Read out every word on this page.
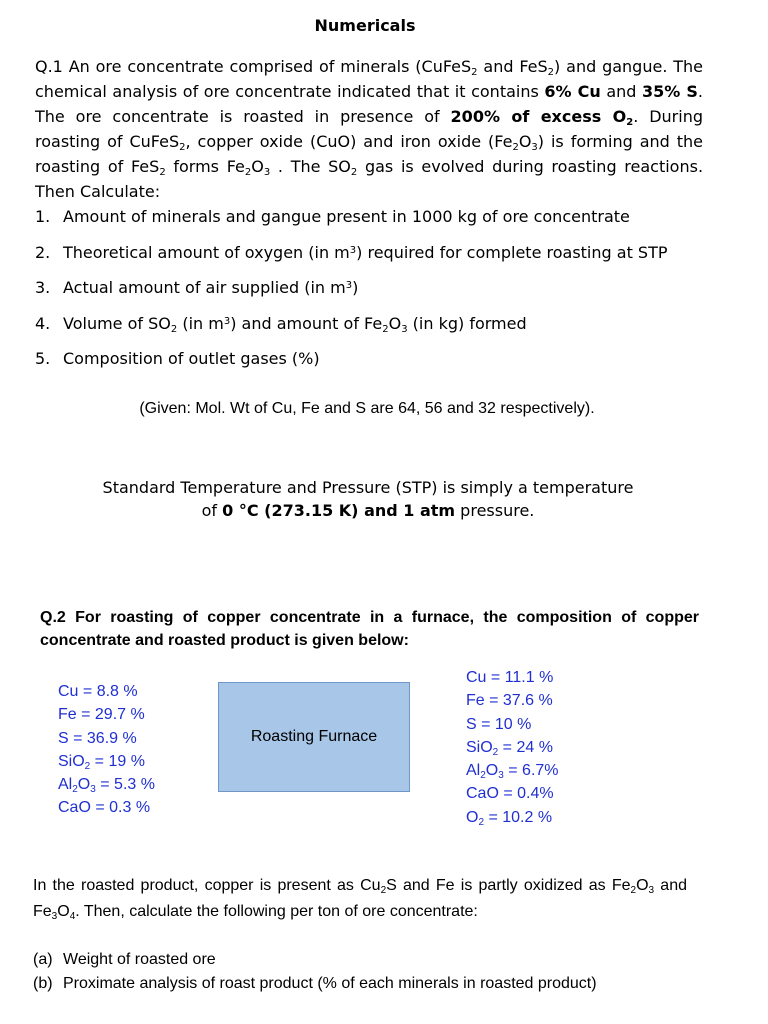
Numericals

Q.1 An ore concentrate comprised of minerals (CuFeS$_2$ and FeS$_2$) and gangue. The chemical analysis of ore concentrate indicated that it contains 6% Cu and 35% S. The ore concentrate is roasted in presence of 200% of excess $O_2$. During roasting of CuFeS$_2$, copper oxide (CuO) and iron oxide $(Fe_2O_3)$ is forming and the roasting of FeS$_2$ forms $Fe_2O_3$ . The $SO_2$ gas is evolved during roasting reactions. Then Calculate:

1. Amount of minerals and gangue present in 1000 kg of ore concentrate
2. Theoretical amount of oxygen (in $m^3$) required for complete roasting at STP
3. Actual amount of air supplied (in $m^3$)
4. Volume of $SO_2$ (in $m^3$) and amount of $Fe_2O_3$ (in kg) formed
5. Composition of outlet gases (%)
(Given: Mol. Wt of Cu, Fe and S are 64, 56 and 32 respectively).
Standard Temperature and Pressure (STP) is simply a temperature
of 0 °C (273.15 K) and 1 atm pressure.
Q.2 For roasting of copper concentrate in a furnace, the composition of copper concentrate and roasted product is given below:
Cu = 8.8 %
Fe = 29.7 %
S = 36.9 %
SiO$_2$ = 19 %
$Al_2O_3 = 5.3$ %
CaO = 0.3 %
Roasting Furnace
Cu = 11.1 %
Fe = 37.6 %
S = 10 %
SiO$_2$ = 24 %
$Al_2O_3 = 6.7\%$
CaO = 0.4%
$O_2 = 10.2$ %
In the roasted product, copper is present as $Cu_2S$ and Fe is partly oxidized as $Fe_2O_3$ and $Fe_3O_4$. Then, calculate the following per ton of ore concentrate:
(a) Weight of roasted ore
(b) Proximate analysis of roast product (% of each minerals in roasted product)
